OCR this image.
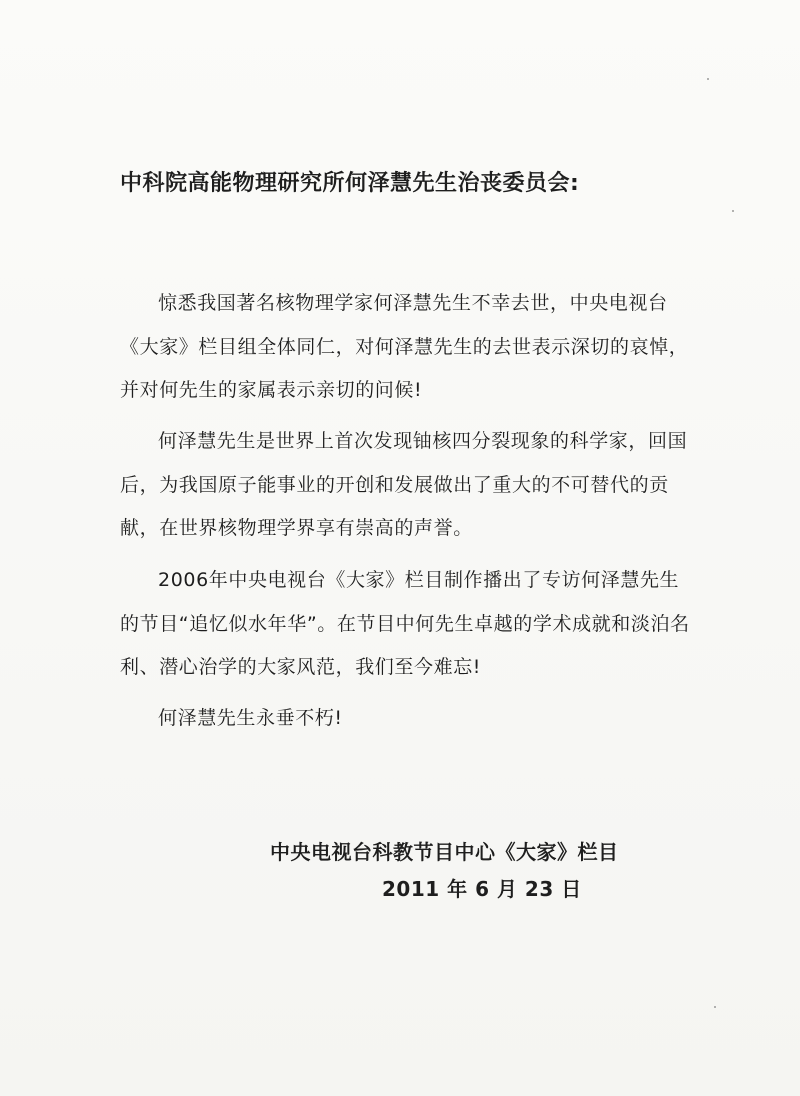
中科院高能物理研究所何泽慧先生治丧委员会:

惊悉我国著名核物理学家何泽慧先生不幸去世，中央电视台《大家》栏目组全体同仁，对何泽慧先生的去世表示深切的哀悼，并对何先生的家属表示亲切的问候!

何泽慧先生是世界上首次发现铀核四分裂现象的科学家，回国后，为我国原子能事业的开创和发展做出了重大的不可替代的贡献，在世界核物理学界享有崇高的声誉。

2006年中央电视台《大家》栏目制作播出了专访何泽慧先生的节目“追忆似水年华”。在节目中何先生卓越的学术成就和淡泊名利、潜心治学的大家风范，我们至今难忘!

何泽慧先生永垂不朽!

中央电视台科教节目中心《大家》栏目
2011 年 6 月 23 日
